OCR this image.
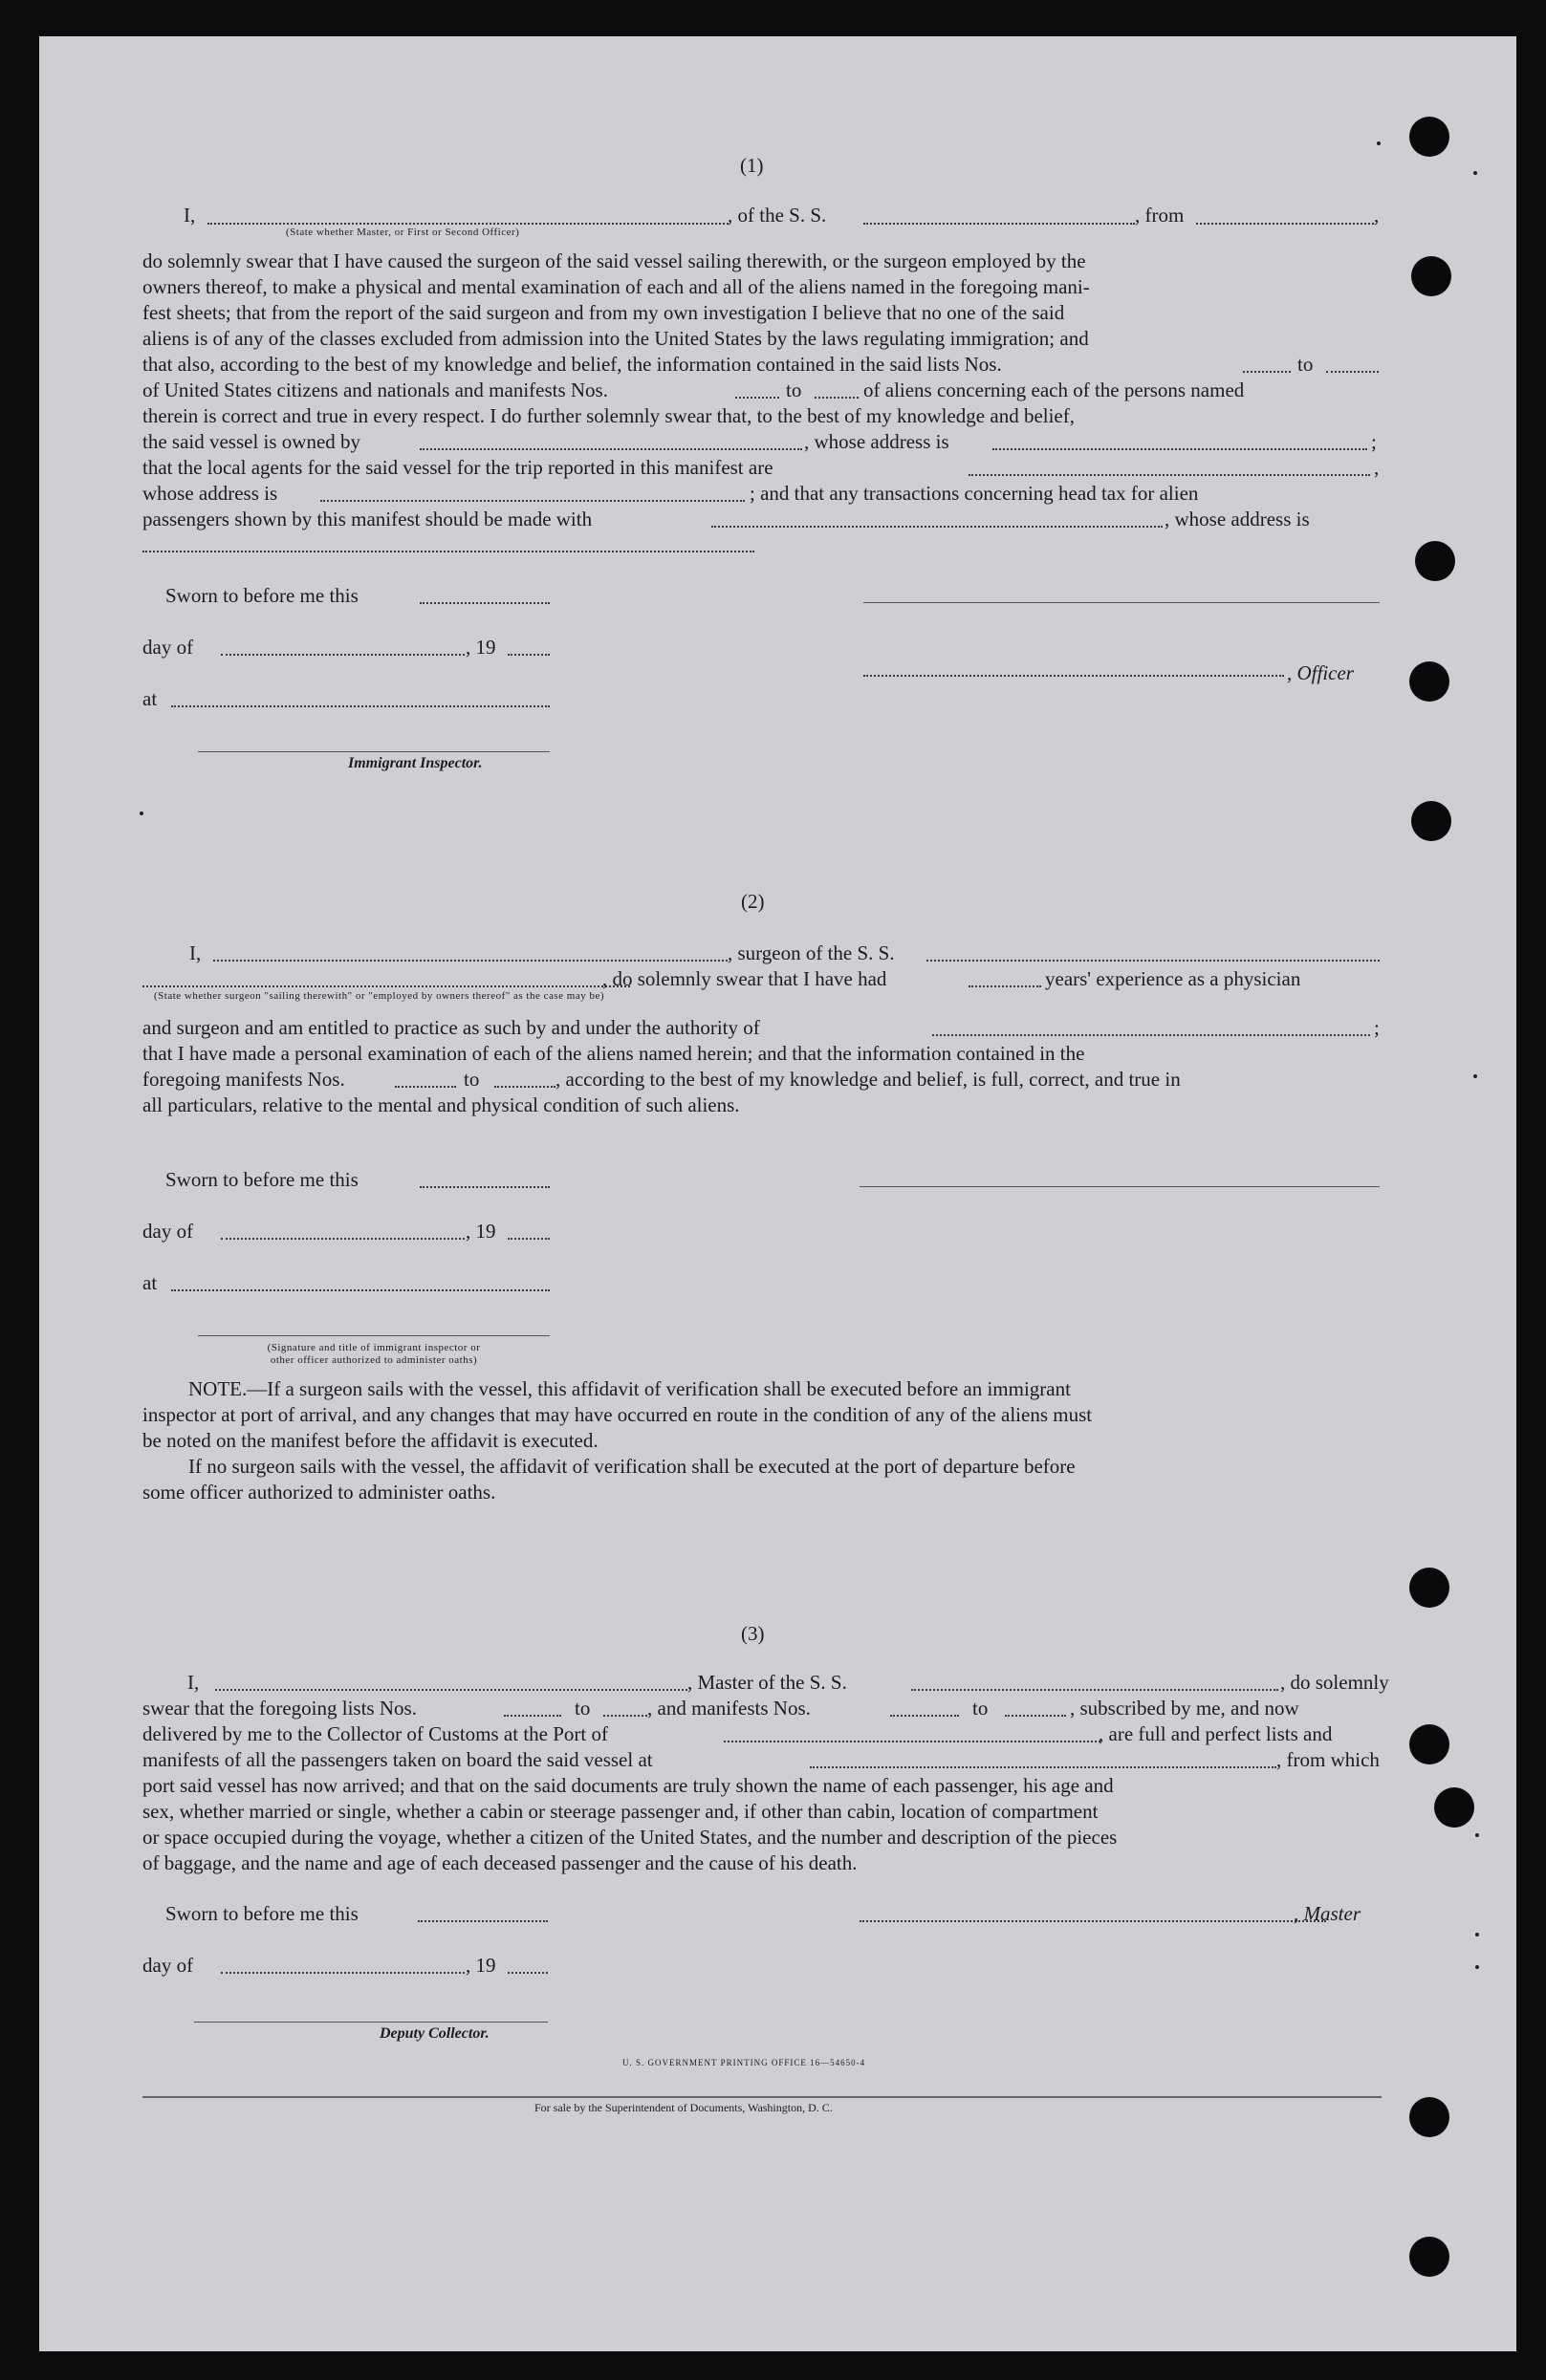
(1)
I,	, of the S. S.	, from	,
(State whether Master, or First or Second Officer)
do solemnly swear that I have caused the surgeon of the said vessel sailing therewith, or the surgeon employed by the
owners thereof, to make a physical and mental examination of each and all of the aliens named in the foregoing mani-
fest sheets; that from the report of the said surgeon and from my own investigation I believe that no one of the said
aliens is of any of the classes excluded from admission into the United States by the laws regulating immigration; and
that also, according to the best of my knowledge and belief, the information contained in the said lists Nos.	to
of United States citizens and nationals and manifests Nos.	to	of aliens concerning each of the persons named
therein is correct and true in every respect. I do further solemnly swear that, to the best of my knowledge and belief,
the said vessel is owned by	, whose address is	;
that the local agents for the said vessel for the trip reported in this manifest are	,
whose address is	; and that any transactions concerning head tax for alien
passengers shown by this manifest should be made with	, whose address is
Sworn to before me this
day of	, 19
, Officer
at
Immigrant Inspector.
(2)
I,	, surgeon of the S. S.
, do solemnly swear that I have had	years' experience as a physician
(State whether surgeon "sailing therewith" or "employed by owners thereof" as the case may be)
and surgeon and am entitled to practice as such by and under the authority of	;
that I have made a personal examination of each of the aliens named herein; and that the information contained in the
foregoing manifests Nos.	to	, according to the best of my knowledge and belief, is full, correct, and true in
all particulars, relative to the mental and physical condition of such aliens.
Sworn to before me this
day of	, 19
at
(Signature and title of immigrant inspector or
other officer authorized to administer oaths)
NOTE.—If a surgeon sails with the vessel, this affidavit of verification shall be executed before an immigrant
inspector at port of arrival, and any changes that may have occurred en route in the condition of any of the aliens must
be noted on the manifest before the affidavit is executed.
If no surgeon sails with the vessel, the affidavit of verification shall be executed at the port of departure before
some officer authorized to administer oaths.
(3)
I,	, Master of the S. S.	, do solemnly
swear that the foregoing lists Nos.	to	, and manifests Nos.	to	, subscribed by me, and now
delivered by me to the Collector of Customs at the Port of	, are full and perfect lists and
manifests of all the passengers taken on board the said vessel at	, from which
port said vessel has now arrived; and that on the said documents are truly shown the name of each passenger, his age and
sex, whether married or single, whether a cabin or steerage passenger and, if other than cabin, location of compartment
or space occupied during the voyage, whether a citizen of the United States, and the number and description of the pieces
of baggage, and the name and age of each deceased passenger and the cause of his death.
Sworn to before me this	, Master
day of	, 19
Deputy Collector.
U. S. GOVERNMENT PRINTING OFFICE 16—54650-4
For sale by the Superintendent of Documents, Washington, D. C.
